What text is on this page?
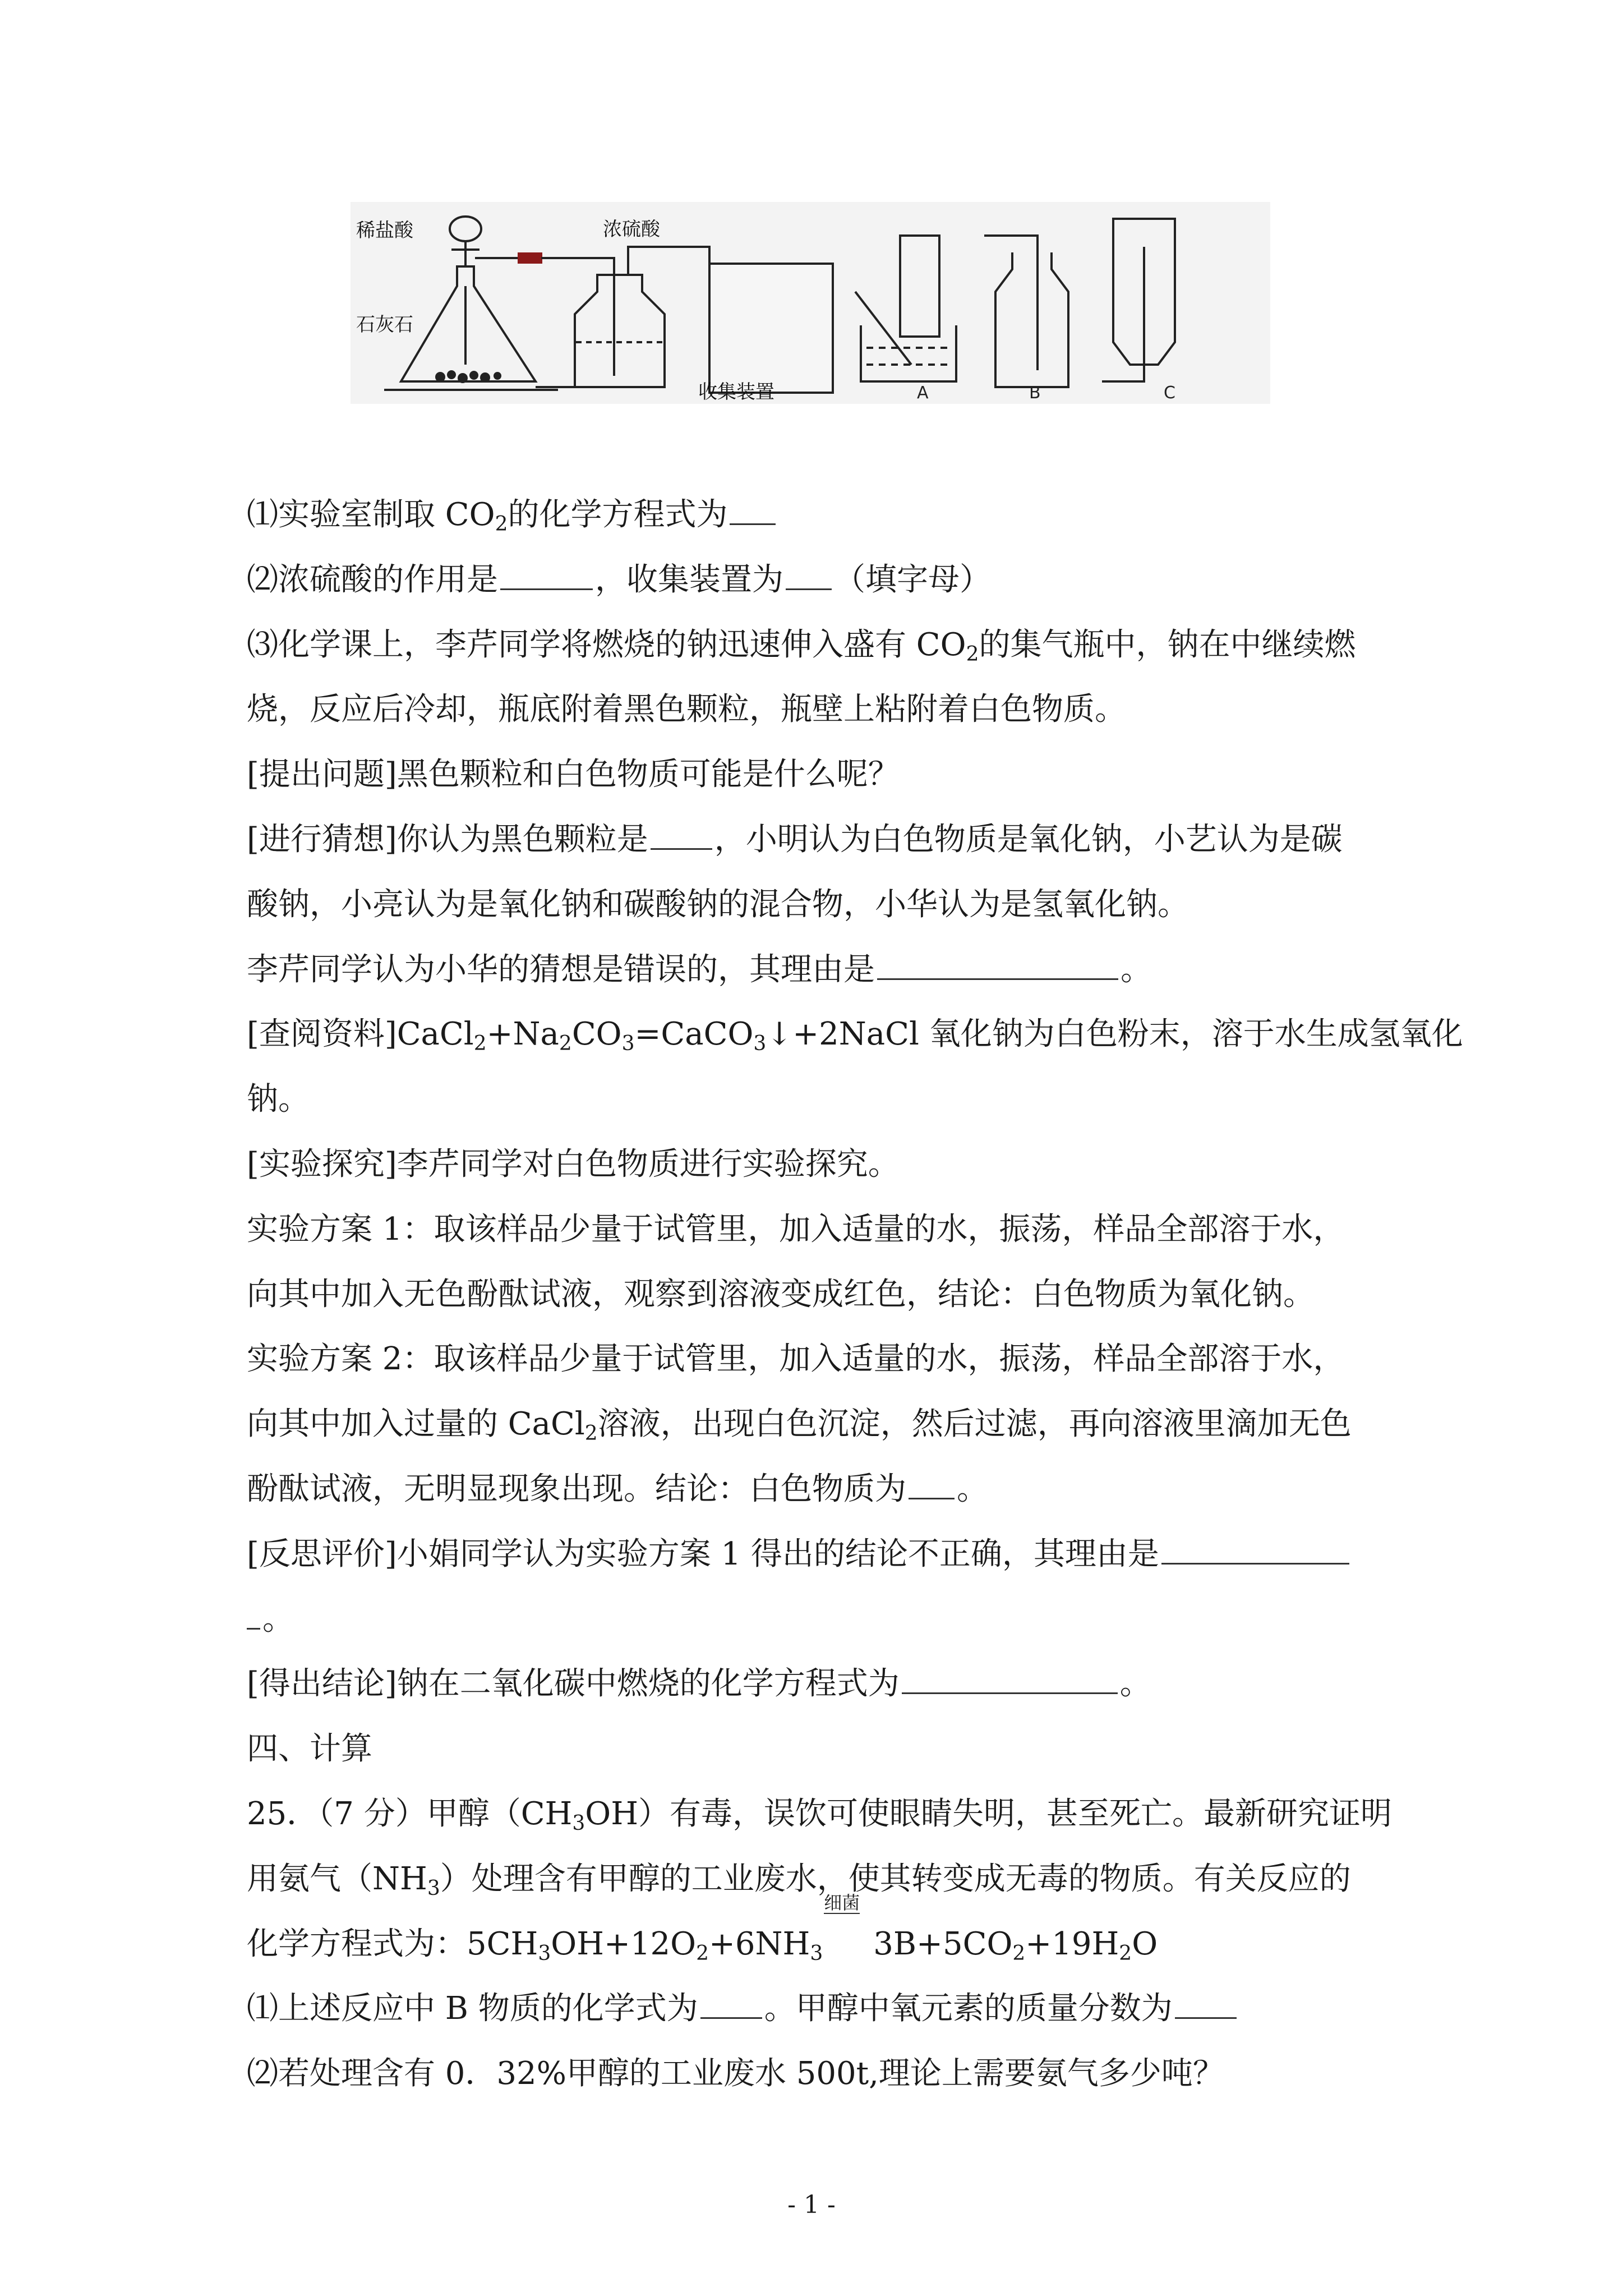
稀盐酸
石灰石
浓硫酸
收集装置	A	B	C
⑴实验室制取 $CO_2$的化学方程式为
⑵浓硫酸的作用是	，收集装置为 （填字母）
⑶化学课上，李芹同学将燃烧的钠迅速伸入盛有 $CO_2$的集气瓶中，钠在中继续燃
烧，反应后冷却，瓶底附着黑色颗粒，瓶壁上粘附着白色物质。
[提出问题]黑色颗粒和白色物质可能是什么呢？
[进行猜想]你认为黑色颗粒是 ，小明认为白色物质是氧化钠，小艺认为是碳
酸钠，小亮认为是氧化钠和碳酸钠的混合物，小华认为是氢氧化钠。
李芹同学认为小华的猜想是错误的，其理由是	。
[查阅资料]$CaCl_2+Na_2CO_3=CaCO_3↓+2NaCl$ 氧化钠为白色粉末，溶于水生成氢氧化
钠。
[实验探究]李芹同学对白色物质进行实验探究。
实验方案 1：取该样品少量于试管里，加入适量的水，振荡，样品全部溶于水，
向其中加入无色酚酞试液，观察到溶液变成红色，结论：白色物质为氧化钠。
实验方案 2：取该样品少量于试管里，加入适量的水，振荡，样品全部溶于水，
向其中加入过量的 CaCl$_2$溶液，出现白色沉淀，然后过滤，再向溶液里滴加无色
酚酞试液，无明显现象出现。结论：白色物质为 。
[反思评价]小娟同学认为实验方案 1 得出的结论不正确，其理由是
。
[得出结论]钠在二氧化碳中燃烧的化学方程式为	。
四、计算
25．（7 分）甲醇$(CH_3OH)$有毒，误饮可使眼睛失明，甚至死亡。最新研究证明
用氨气$(NH_3)$处理含有甲醇的工业废水，使其转变成无毒的物质。有关反应的
化学方程式为：$5CH_3OH+12O_2+6NH_3$
细菌
$3B+5CO_2+19H_2O$
⑴上述反应中 B 物质的化学式为 。甲醇中氧元素的质量分数为
⑵若处理含有 0．32%甲醇的工业废水 500t,理论上需要氨气多少吨？
- 1 -
